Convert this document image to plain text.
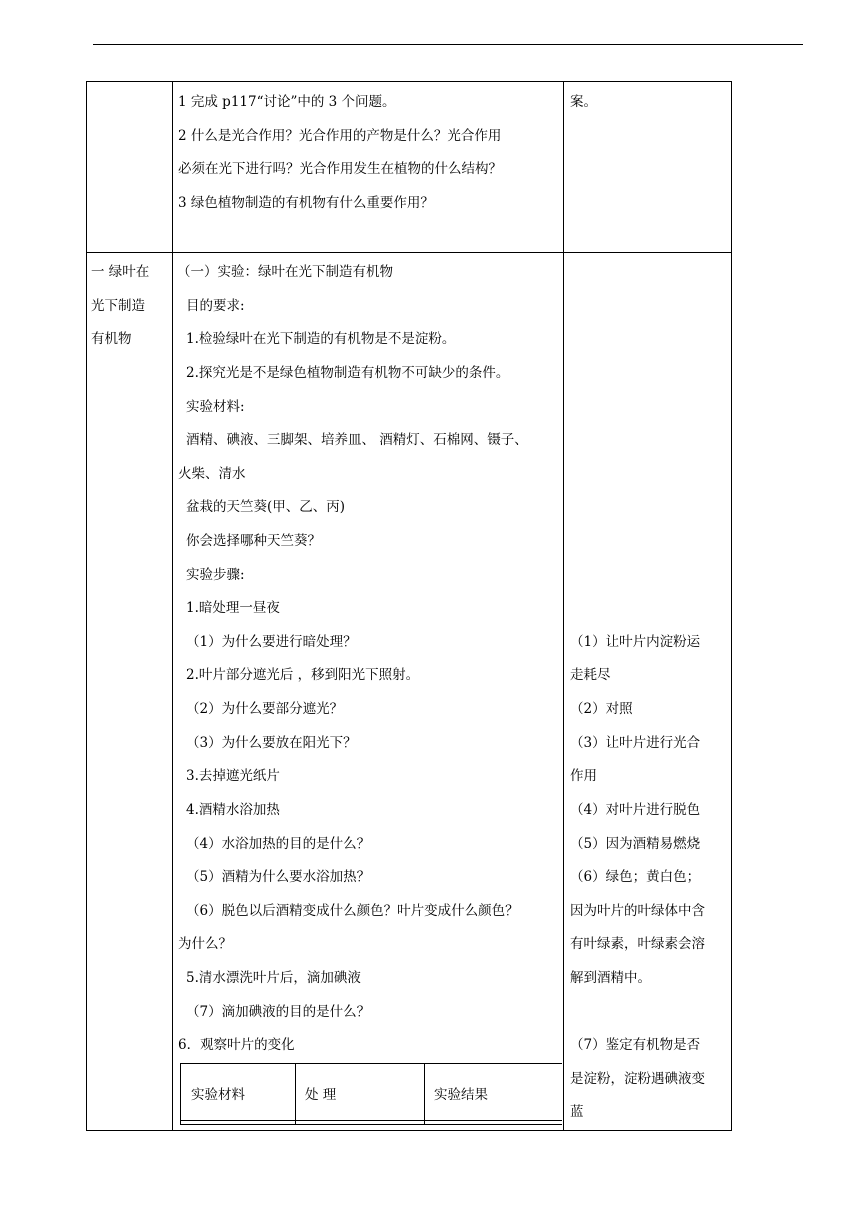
1 完成 p117“讨论”中的 3 个问题。
2 什么是光合作用？光合作用的产物是什么？光合作用
必须在光下进行吗？光合作用发生在植物的什么结构？
3 绿色植物制造的有机物有什么重要作用？
案。
一 绿叶在
光下制造
有机物
（一）实验：绿叶在光下制造有机物
目的要求:
1.检验绿叶在光下制造的有机物是不是淀粉。
2.探究光是不是绿色植物制造有机物不可缺少的条件。
实验材料:
酒精、碘液、三脚架、培养皿、 酒精灯、石棉网、镊子、
火柴、清水
盆栽的天竺葵(甲、乙、丙)
你会选择哪种天竺葵？
实验步骤:
1.暗处理一昼夜
（1）为什么要进行暗处理？
2.叶片部分遮光后 ，移到阳光下照射。
（2）为什么要部分遮光？
（3）为什么要放在阳光下？
3.去掉遮光纸片
4.酒精水浴加热
（4）水浴加热的目的是什么？
（5）酒精为什么要水浴加热？
（6）脱色以后酒精变成什么颜色？叶片变成什么颜色？
为什么？
5.清水漂洗叶片后，滴加碘液
（7）滴加碘液的目的是什么？
6．观察叶片的变化
（1）让叶片内淀粉运
走耗尽
（2）对照
（3）让叶片进行光合
作用
（4）对叶片进行脱色
（5）因为酒精易燃烧
（6）绿色；黄白色；
因为叶片的叶绿体中含
有叶绿素，叶绿素会溶
解到酒精中。
（7）鉴定有机物是否
是淀粉，淀粉遇碘液变
蓝
实验材料	处 理	实验结果
